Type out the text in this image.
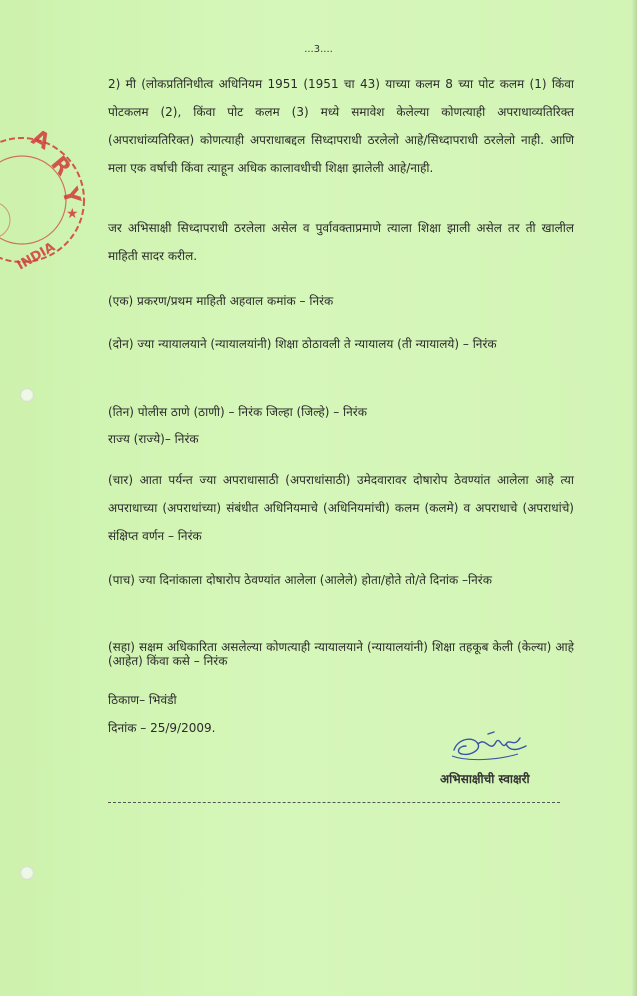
A
R
Y
★
INDIA
...3....
2) मी (लोकप्रतिनिधीत्व अधिनियम 1951 (1951 चा 43) याच्या कलम 8 च्या पोट कलम (1) किंवा पोटकलम (2), किंवा पोट कलम (3) मध्ये समावेश केलेल्या कोणत्याही अपराधाव्यतिरिक्त (अपराधांव्यतिरिक्त) कोणत्याही अपराधाबद्दल सिध्दापराधी ठरलेलो आहे/सिध्दापराधी ठरलेलो नाही. आणि मला एक वर्षाची किंवा त्याहून अधिक कालावधीची शिक्षा झालेली आहे/नाही.
जर अभिसाक्षी सिध्दापराधी ठरलेला असेल व पुर्वावक्ताप्रमाणे त्याला शिक्षा झाली असेल तर ती खालील माहिती सादर करील.
(एक) प्रकरण/प्रथम माहिती अहवाल कमांक – निरंक
(दोन) ज्या न्यायालयाने (न्यायालयांनी) शिक्षा ठोठावली ते न्यायालय (ती न्यायालये) – निरंक
(तिन) पोलीस ठाणे (ठाणी) – निरंक जिल्हा (जिल्हे) – निरंक
राज्य (राज्ये)– निरंक
(चार) आता पर्यन्त ज्या अपराधासाठी (अपराधांसाठी) उमेदवारावर दोषारोप ठेवण्यांत आलेला आहे त्या अपराधाच्या (अपराधांच्या) संबंधीत अधिनियमाचे (अधिनियमांची) कलम (कलमे) व अपराधाचे (अपराधांचे) संक्षिप्त वर्णन – निरंक
(पाच) ज्या दिनांकाला दोषारोप ठेवण्यांत आलेला (आलेले) होता/होते तो/ते दिनांक –निरंक
(सहा) सक्षम अधिकारिता असलेल्या कोणत्याही न्यायालयाने (न्यायालयांनी) शिक्षा तहकूब केली (केल्या) आहे (आहेत) किंवा कसे – निरंक
ठिकाण– भिवंडी
दिनांक – 25/9/2009.
अभिसाक्षीची स्वाक्षरी
